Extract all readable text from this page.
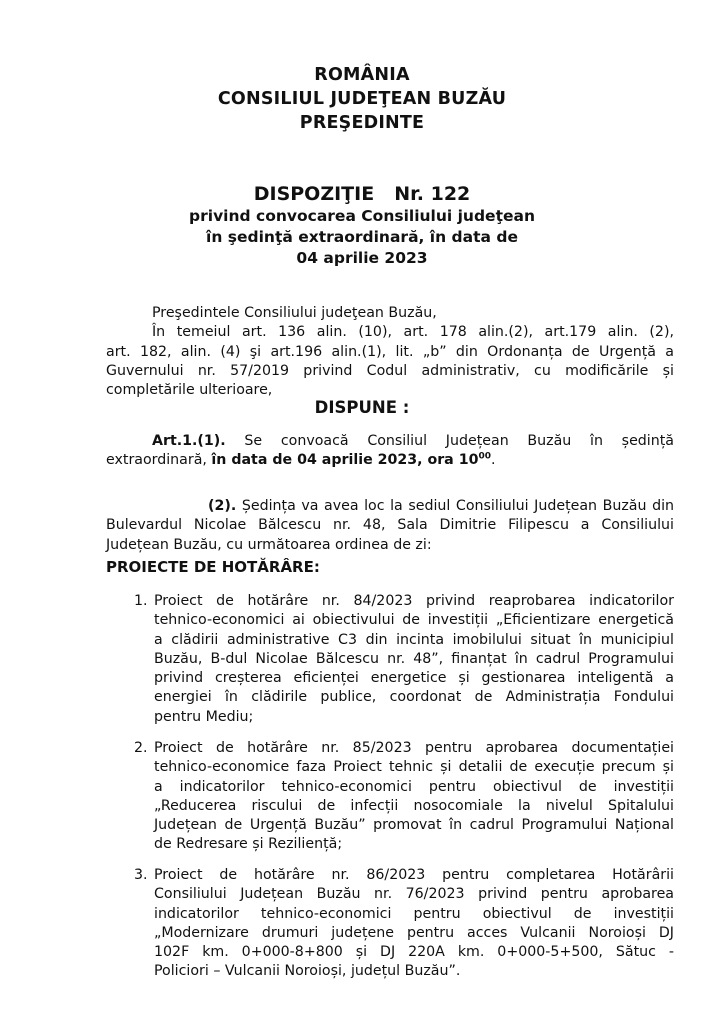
ROMÂNIA
CONSILIUL JUDEŢEAN BUZĂU
PREŞEDINTE
DISPOZIŢIE Nr. 122
privind convocarea Consiliului judeţean
în şedinţă extraordinară, în data de
04 aprilie 2023
Preşedintele Consiliului judeţean Buzău,
În temeiul art. 136 alin. (10), art. 178 alin.(2), art.179 alin. (2),
art. 182, alin. (4) şi art.196 alin.(1), lit. „b” din Ordonanța de Urgență a
Guvernului nr. 57/2019 privind Codul administrativ, cu modificările și
completările ulterioare,
DISPUNE :
Art.1.(1). Se convoacă Consiliul Județean Buzău în ședință
extraordinară, în data de 04 aprilie 2023, ora $10^{00}$.
(2). Ședința va avea loc la sediul Consiliului Județean Buzău din
Bulevardul Nicolae Bălcescu nr. 48, Sala Dimitrie Filipescu a Consiliului
Județean Buzău, cu următoarea ordinea de zi:
PROIECTE DE HOTĂRÂRE:
1. Proiect de hotărâre nr. 84/2023 privind reaprobarea indicatorilor
tehnico-economici ai obiectivului de investiții „Eficientizare energetică
a clădirii administrative C3 din incinta imobilului situat în municipiul
Buzău, B-dul Nicolae Bălcescu nr. 48”, finanțat în cadrul Programului
privind creșterea eficienței energetice și gestionarea inteligentă a
energiei în clădirile publice, coordonat de Administrația Fondului
pentru Mediu;
2. Proiect de hotărâre nr. 85/2023 pentru aprobarea documentației
tehnico-economice faza Proiect tehnic și detalii de execuție precum și
a indicatorilor tehnico-economici pentru obiectivul de investiții
„Reducerea riscului de infecții nosocomiale la nivelul Spitalului
Județean de Urgență Buzău” promovat în cadrul Programului Național
de Redresare și Reziliență;
3. Proiect de hotărâre nr. 86/2023 pentru completarea Hotărârii
Consiliului Județean Buzău nr. 76/2023 privind pentru aprobarea
indicatorilor tehnico-economici pentru obiectivul de investiții
„Modernizare drumuri județene pentru acces Vulcanii Noroioși DJ
102F km. 0+000-8+800 și DJ 220A km. 0+000-5+500, Sătuc -
Policiori – Vulcanii Noroioși, județul Buzău”.
